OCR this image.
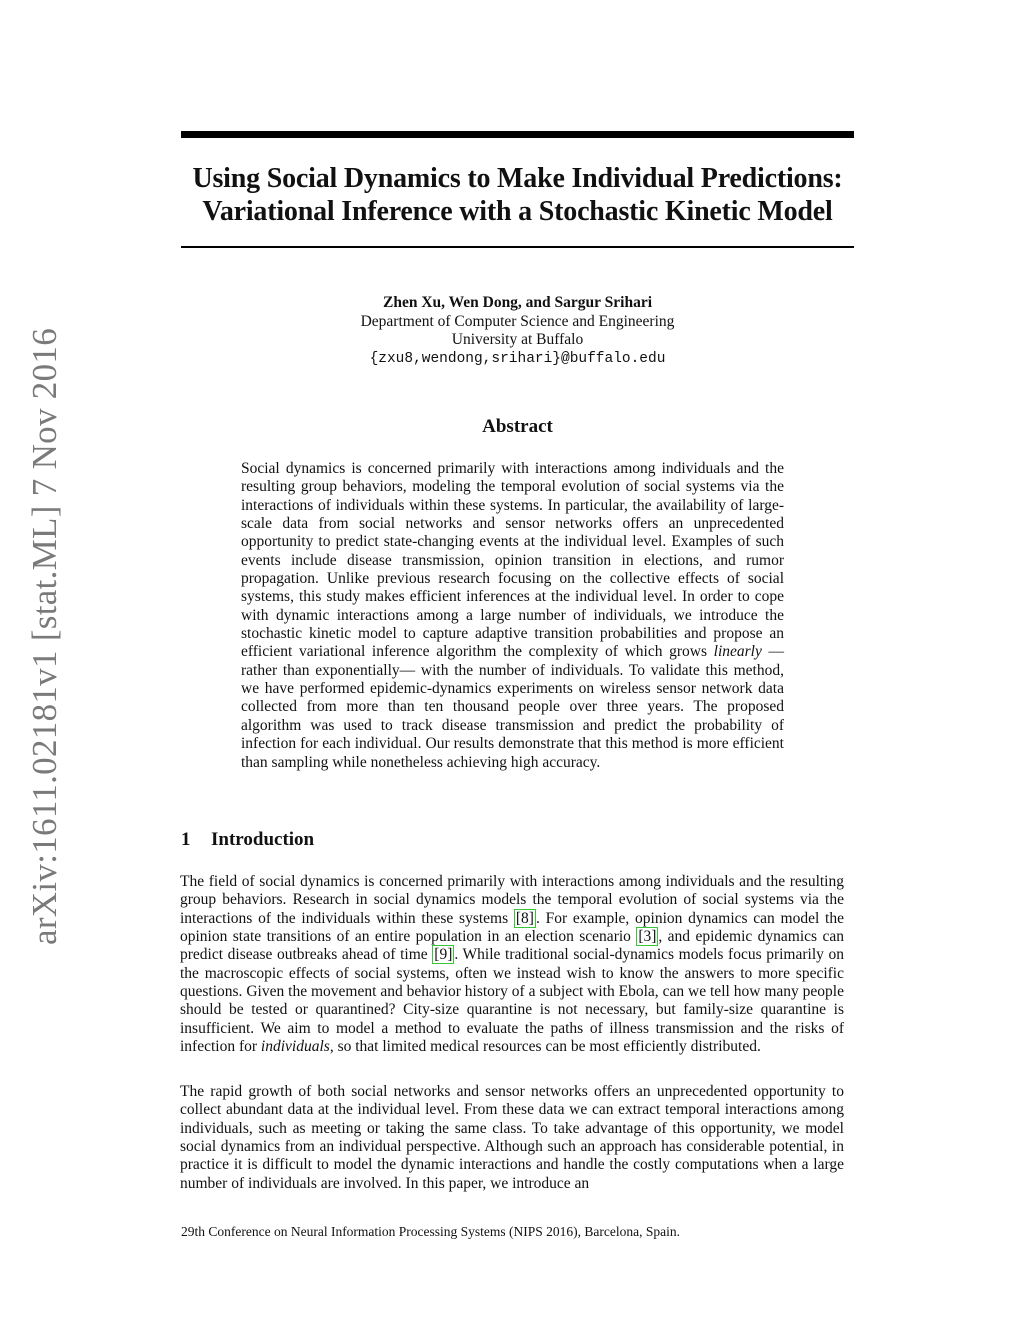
arXiv:1611.02181v1 [stat.ML] 7 Nov 2016
Using Social Dynamics to Make Individual Predictions:
Variational Inference with a Stochastic Kinetic Model
Zhen Xu, Wen Dong, and Sargur Srihari
Department of Computer Science and Engineering
University at Buffalo
{zxu8,wendong,srihari}@buffalo.edu
Abstract

Social dynamics is concerned primarily with interactions among individuals and the resulting group behaviors, modeling the temporal evolution of social systems via the interactions of individuals within these systems. In particular, the availability of large-scale data from social networks and sensor networks offers an unprecedented opportunity to predict state-changing events at the individual level. Examples of such events include disease transmission, opinion transition in elections, and rumor propagation. Unlike previous research focusing on the collective effects of social systems, this study makes efficient inferences at the individual level. In order to cope with dynamic interactions among a large number of individuals, we introduce the stochastic kinetic model to capture adaptive transition probabilities and propose an efficient variational inference algorithm the complexity of which grows linearly — rather than exponentially— with the number of individuals. To validate this method, we have performed epidemic-dynamics experiments on wireless sensor network data collected from more than ten thousand people over three years. The proposed algorithm was used to track disease transmission and predict the probability of infection for each individual. Our results demonstrate that this method is more efficient than sampling while nonetheless achieving high accuracy.

1 Introduction

The field of social dynamics is concerned primarily with interactions among individuals and the resulting group behaviors. Research in social dynamics models the temporal evolution of social systems via the interactions of the individuals within these systems [8] . For example, opinion dynamics can model the opinion state transitions of an entire population in an election scenario [3] , and epidemic dynamics can predict disease outbreaks ahead of time [9] . While traditional social-dynamics models focus primarily on the macroscopic effects of social systems, often we instead wish to know the answers to more specific questions. Given the movement and behavior history of a subject with Ebola, can we tell how many people should be tested or quarantined? City-size quarantine is not necessary, but family-size quarantine is insufficient. We aim to model a method to evaluate the paths of illness transmission and the risks of infection for individuals, so that limited medical resources can be most efficiently distributed.

The rapid growth of both social networks and sensor networks offers an unprecedented opportunity to collect abundant data at the individual level. From these data we can extract temporal interactions among individuals, such as meeting or taking the same class. To take advantage of this opportunity, we model social dynamics from an individual perspective. Although such an approach has considerable potential, in practice it is difficult to model the dynamic interactions and handle the costly computations when a large number of individuals are involved. In this paper, we introduce an

29th Conference on Neural Information Processing Systems (NIPS 2016), Barcelona, Spain.
